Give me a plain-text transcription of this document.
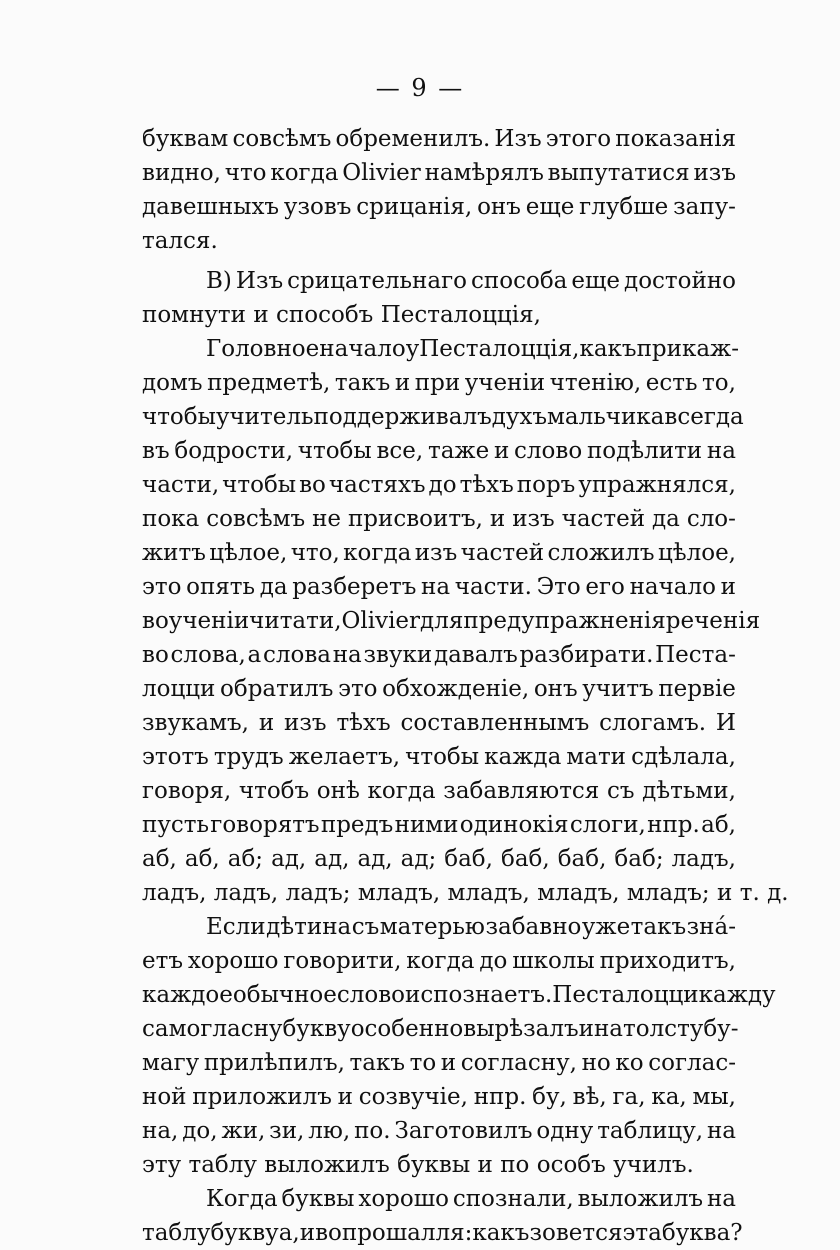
— 9 —
буквам совсѣмъ обременилъ. Изъ этого показанія
видно, что когда Olivier намѣрялъ выпутатися изъ
давешныхъ узовъ срицанія, онъ еще глубше запу-
тался.
В) Изъ срицательнаго способа еще достойно
помнути и способъ Песталоцція,
Головное начало у Песталоцція, какъ при каж-
домъ предметѣ, такъ и при ученіи чтенію, есть то,
чтобы учитель поддерживалъ духъ мальчика всегда
въ бодрости, чтобы все, таже и слово подѣлити на
части, чтобы во частяхъ до тѣхъ поръ упражнялся,
пока совсѣмъ не присвоитъ, и изъ частей да сло-
житъ цѣлое, что, когда изъ частей сложилъ цѣлое,
это опять да разберетъ на части. Это его начало и
во ученіи читати, Olivier для предупражненія реченія
во слова, а слова на звуки давалъ разбирати. Песта-
лоцци обратилъ это обхожденіе, онъ учитъ первіе
звукамъ, и изъ тѣхъ составленнымъ слогамъ. И
этотъ трудъ желаетъ, чтобы кажда мати сдѣлала,
говоря, чтобъ онѣ когда забавляются съ дѣтьми,
пусть говорятъ предъ ними одинокія слоги, нпр. аб,
аб, аб, аб; ад, ад, ад, ад; баб, баб, баб, баб; ладъ,
ладъ, ладъ, ладъ; младъ, младъ, младъ, младъ; и т. д.
Если дѣтина съ матерью забавно уже такъ зна́-
етъ хорошо говорити, когда до школы приходитъ,
каждое обычное слово испознаетъ. Песталоцци кажду
самогласну букву особенно вырѣзалъ и на толсту бу-
магу прилѣпилъ, такъ то и согласну, но ко соглас-
ной приложилъ и созвучіе, нпр. бу, вѣ, га, ка, мы,
на, до, жи, зи, лю, по. Заготовилъ одну таблицу, на
эту таблу выложилъ буквы и по особъ училъ.
Когда буквы хорошо спознали, выложилъ на
таблу букву а, и вопрошалля: какъ зовется эта буква?
